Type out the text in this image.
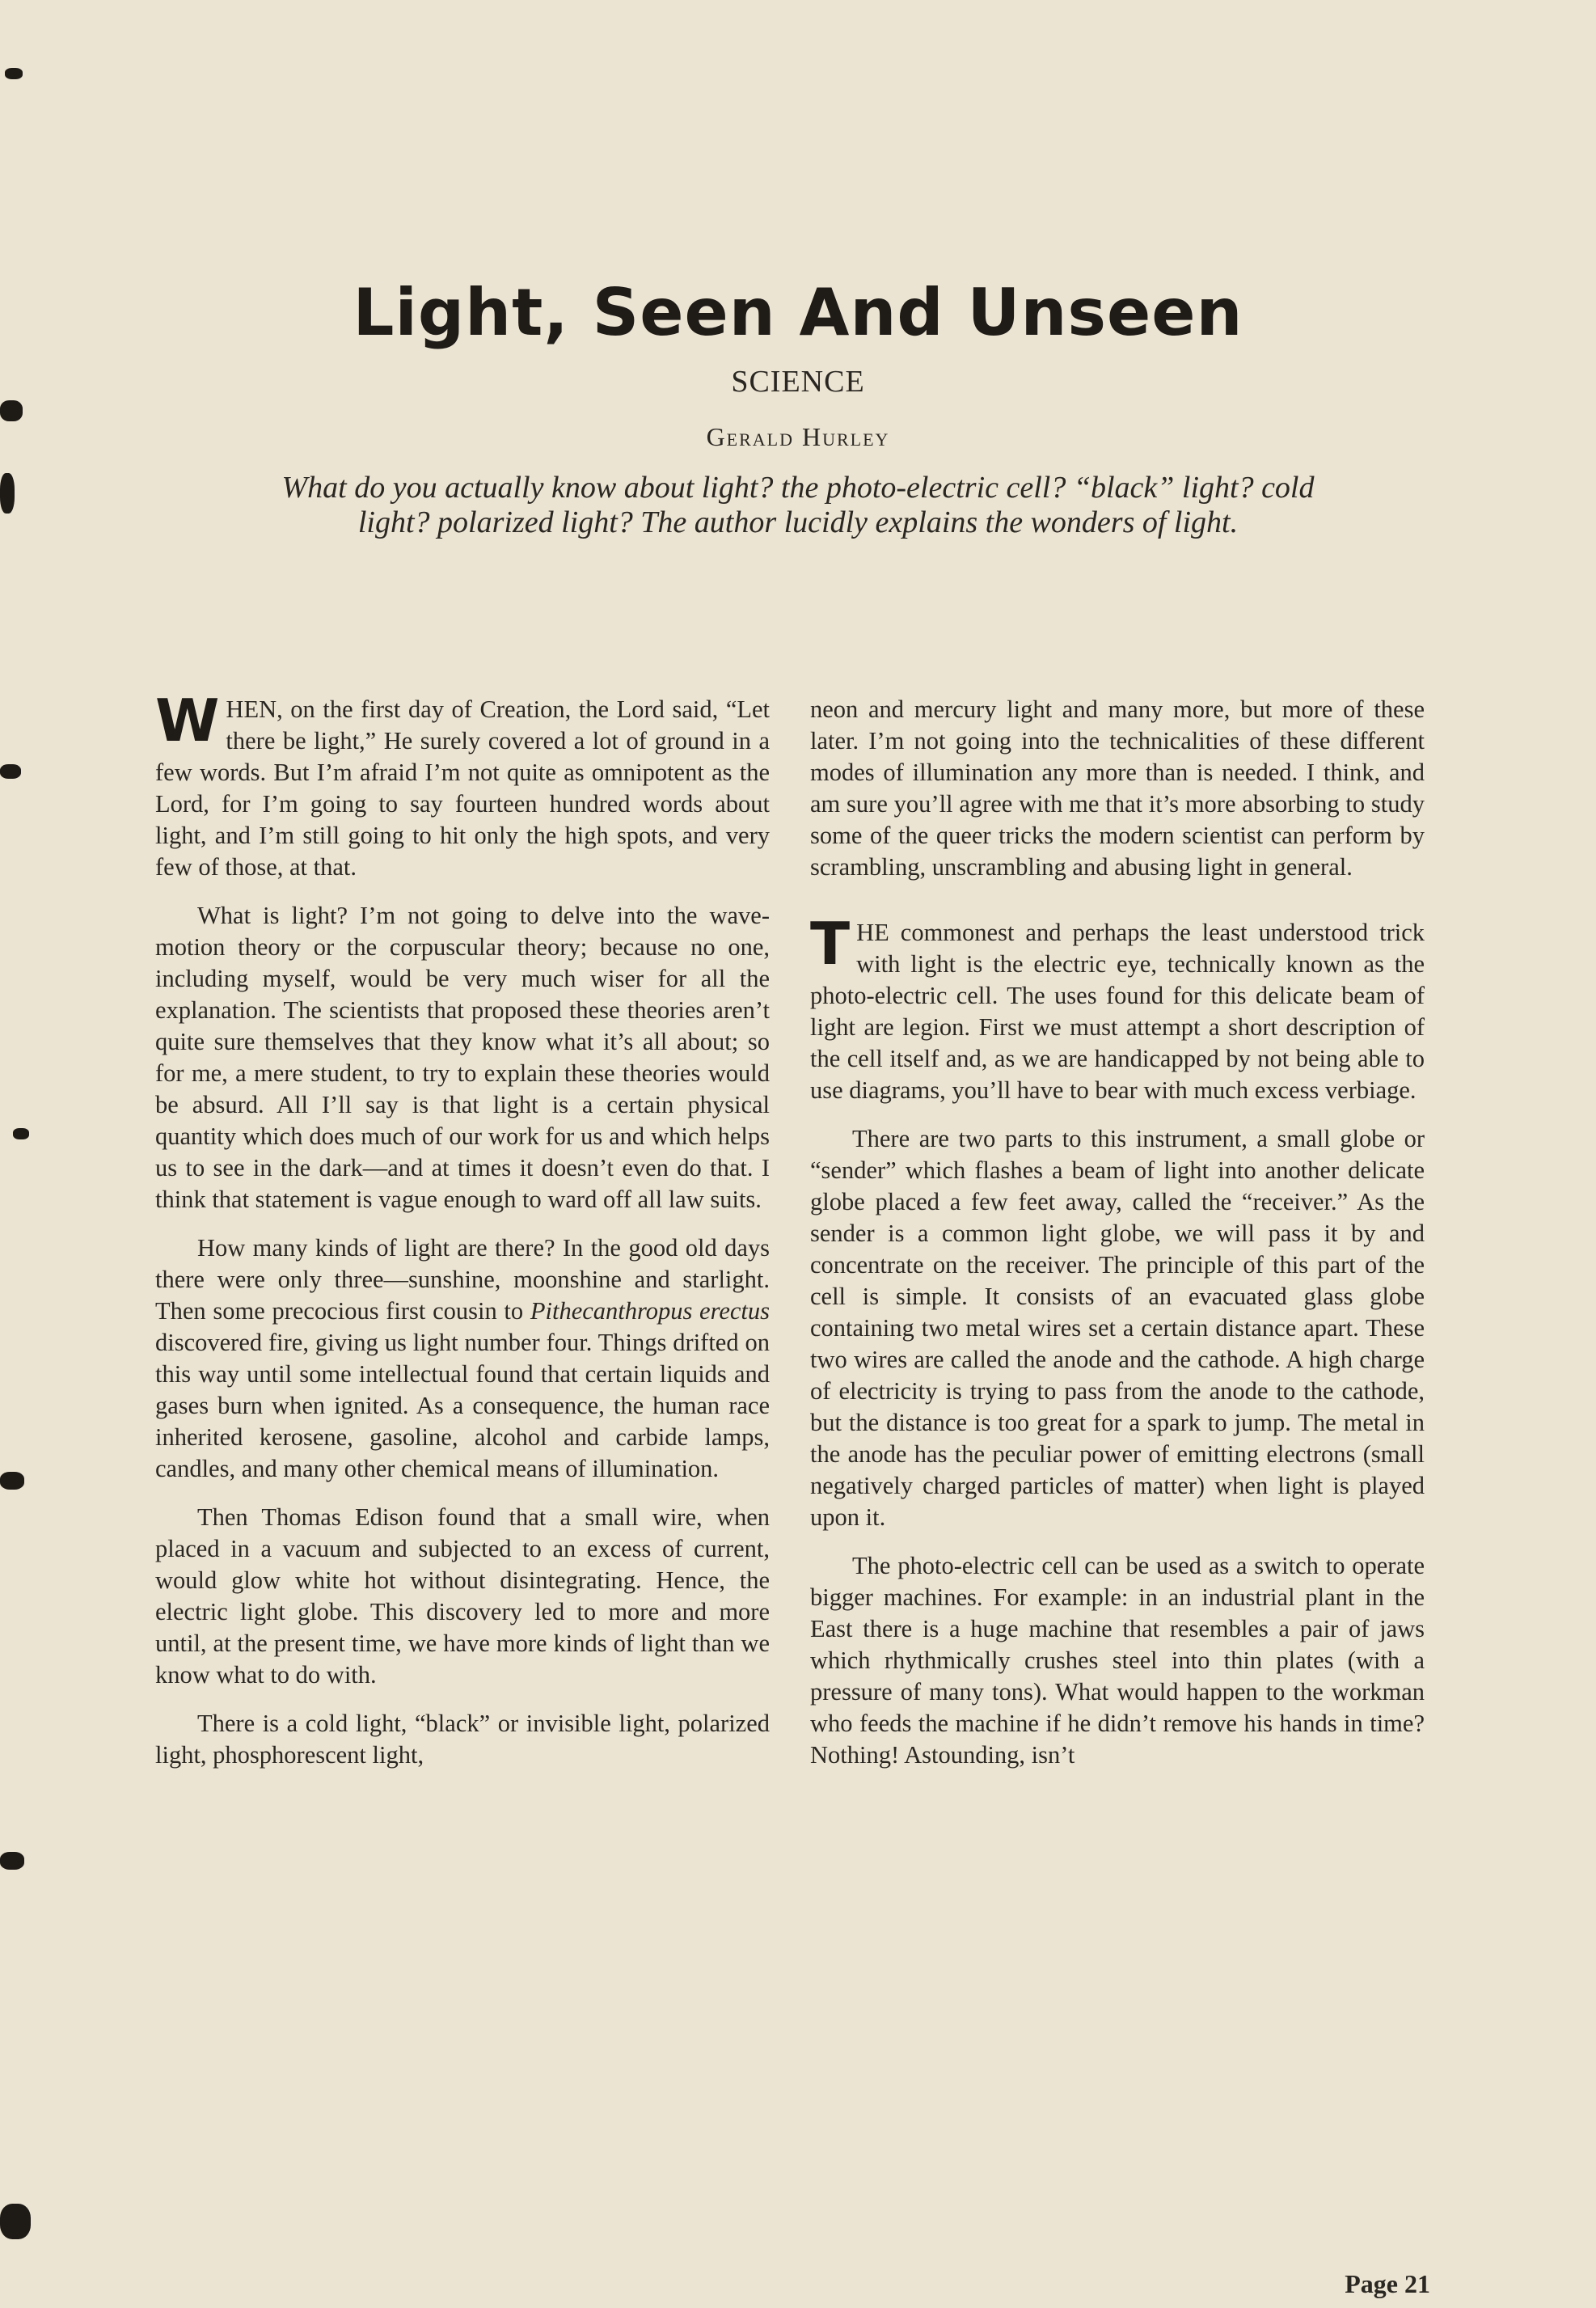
Light, Seen And Unseen
SCIENCE
Gerald Hurley
What do you actually know about light? the photo-electric cell? “black” light? cold light? polarized light? The author lucidly explains the wonders of light.

WHEN, on the first day of Creation, the Lord said, “Let there be light,” He surely covered a lot of ground in a few words. But I’m afraid I’m not quite as omnipotent as the Lord, for I’m going to say fourteen hundred words about light, and I’m still going to hit only the high spots, and very few of those, at that.

What is light? I’m not going to delve into the wave-motion theory or the corpuscular theory; because no one, including myself, would be very much wiser for all the explanation. The scientists that proposed these theories aren’t quite sure themselves that they know what it’s all about; so for me, a mere student, to try to explain these theories would be absurd. All I’ll say is that light is a certain physical quantity which does much of our work for us and which helps us to see in the dark—and at times it doesn’t even do that. I think that statement is vague enough to ward off all law suits.

How many kinds of light are there? In the good old days there were only three—sunshine, moonshine and starlight. Then some precocious first cousin to Pithecanthropus erectus discovered fire, giving us light number four. Things drifted on this way until some intellectual found that certain liquids and gases burn when ignited. As a consequence, the human race inherited kerosene, gasoline, alcohol and carbide lamps, candles, and many other chemical means of illumination.

Then Thomas Edison found that a small wire, when placed in a vacuum and subjected to an excess of current, would glow white hot without disintegrating. Hence, the electric light globe. This discovery led to more and more until, at the present time, we have more kinds of light than we know what to do with.

There is a cold light, “black” or invisible light, polarized light, phosphorescent light,

neon and mercury light and many more, but more of these later. I’m not going into the technicalities of these different modes of illumination any more than is needed. I think, and am sure you’ll agree with me that it’s more absorbing to study some of the queer tricks the modern scientist can perform by scrambling, unscrambling and abusing light in general.

THE commonest and perhaps the least understood trick with light is the electric eye, technically known as the photo-electric cell. The uses found for this delicate beam of light are legion. First we must attempt a short description of the cell itself and, as we are handicapped by not being able to use diagrams, you’ll have to bear with much excess verbiage.

There are two parts to this instrument, a small globe or “sender” which flashes a beam of light into another delicate globe placed a few feet away, called the “receiver.” As the sender is a common light globe, we will pass it by and concentrate on the receiver. The principle of this part of the cell is simple. It consists of an evacuated glass globe containing two metal wires set a certain distance apart. These two wires are called the anode and the cathode. A high charge of electricity is trying to pass from the anode to the cathode, but the distance is too great for a spark to jump. The metal in the anode has the peculiar power of emitting electrons (small negatively charged particles of matter) when light is played upon it.

The photo-electric cell can be used as a switch to operate bigger machines. For example: in an industrial plant in the East there is a huge machine that resembles a pair of jaws which rhythmically crushes steel into thin plates (with a pressure of many tons). What would happen to the workman who feeds the machine if he didn’t remove his hands in time? Nothing! Astounding, isn’t

Page 21
